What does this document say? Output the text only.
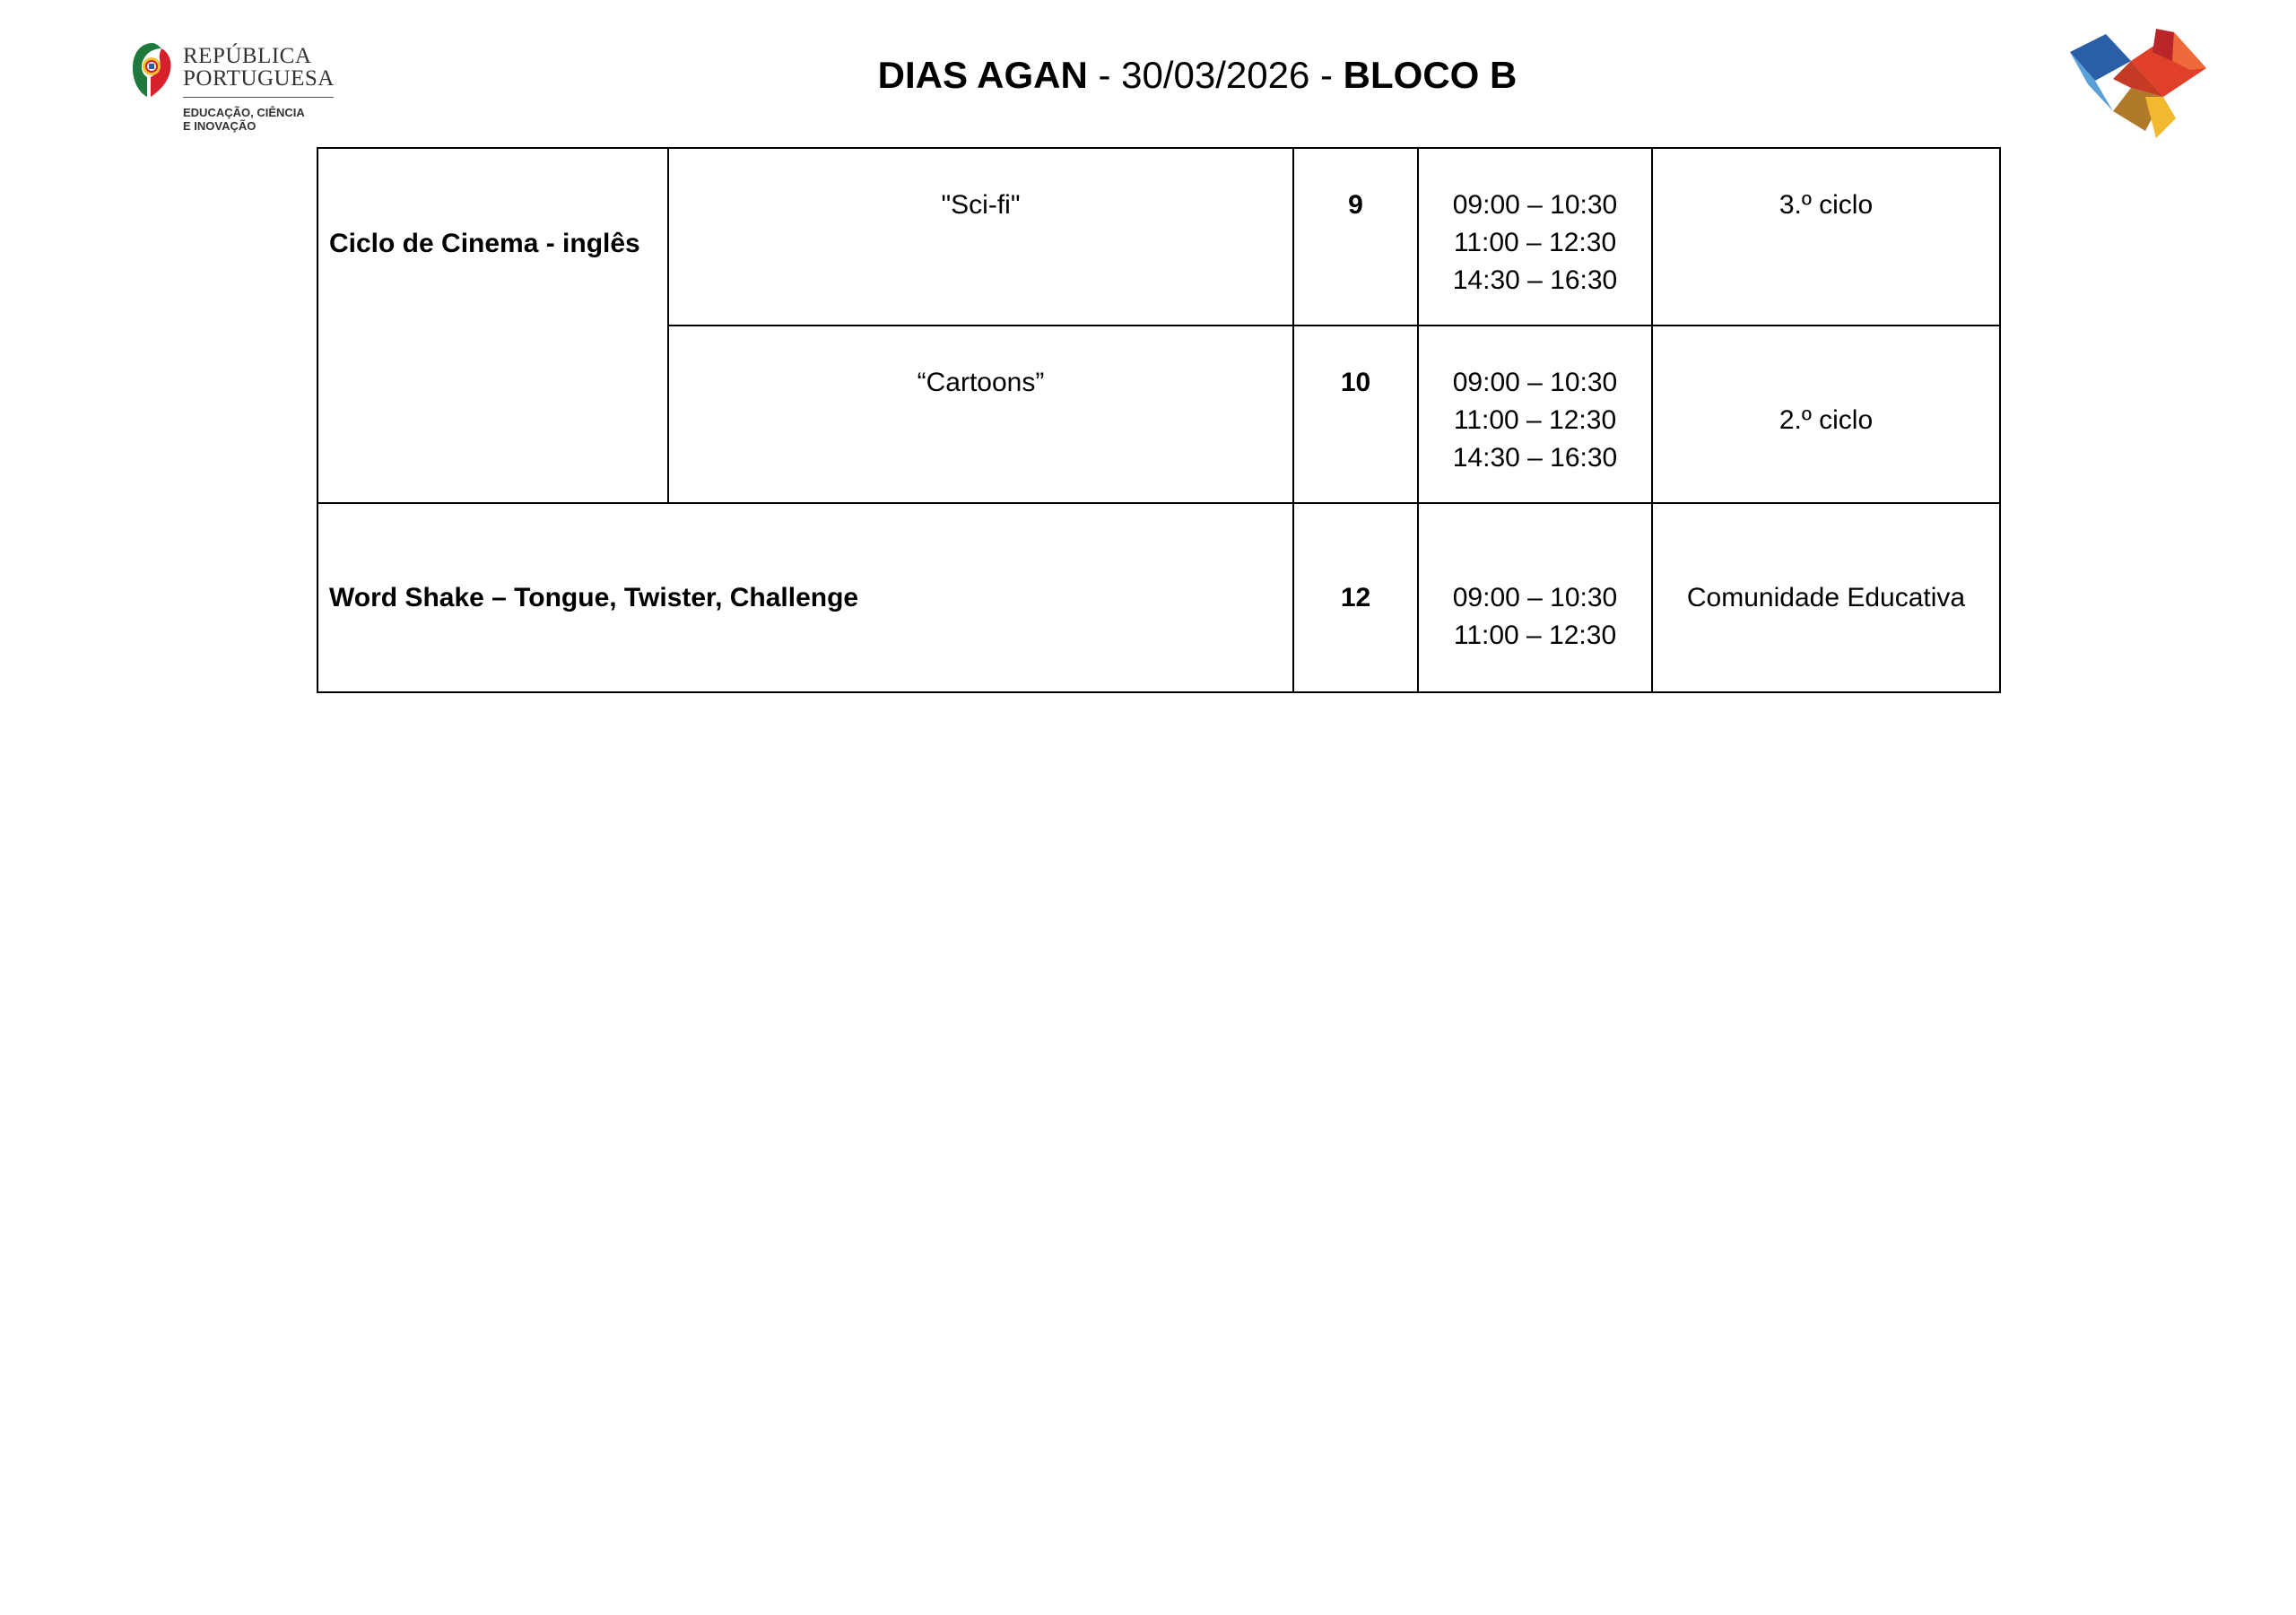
REPÚBLICA
PORTUGUESA
EDUCAÇÃO, CIÊNCIA
E INOVAÇÃO
DIAS AGAN - 30/03/2026 - BLOCO B
Ciclo de Cinema - inglês	"Sci-fi"	9	09:00 – 10:30
11:00 – 12:30
14:30 – 16:30	3.º ciclo
	“Cartoons”	10	09:00 – 10:30
11:00 – 12:30
14:30 – 16:30	2.º ciclo
Word Shake – Tongue, Twister, Challenge		12	09:00 – 10:30
11:00 – 12:30	Comunidade Educativa
